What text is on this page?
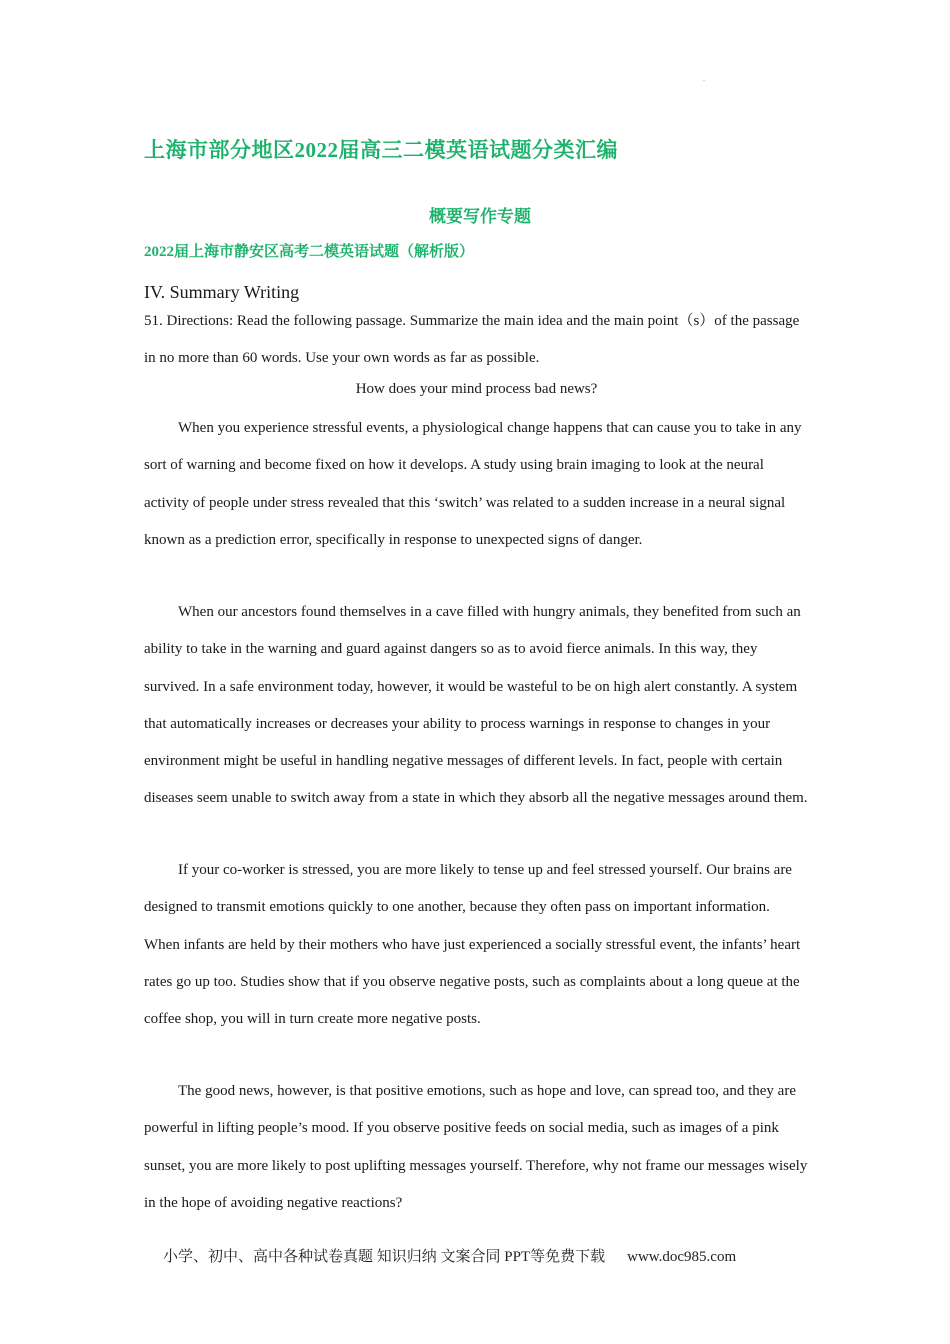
.
上海市部分地区2022届高三二模英语试题分类汇编
概要写作专题
2022届上海市静安区高考二模英语试题（解析版）
IV. Summary Writing
51. Directions: Read the following passage. Summarize the main idea and the main point（s）of the passage in no more than 60 words. Use your own words as far as possible.
How does your mind process bad news?

When you experience stressful events, a physiological change happens that can cause you to take in any sort of warning and become fixed on how it develops. A study using brain imaging to look at the neural activity of people under stress revealed that this ‘switch’ was related to a sudden increase in a neural signal known as a prediction error, specifically in response to unexpected signs of danger.

When our ancestors found themselves in a cave filled with hungry animals, they benefited from such an ability to take in the warning and guard against dangers so as to avoid fierce animals. In this way, they survived. In a safe environment today, however, it would be wasteful to be on high alert constantly. A system that automatically increases or decreases your ability to process warnings in response to changes in your environment might be useful in handling negative messages of different levels. In fact, people with certain diseases seem unable to switch away from a state in which they absorb all the negative messages around them.

If your co-worker is stressed, you are more likely to tense up and feel stressed yourself. Our brains are designed to transmit emotions quickly to one another, because they often pass on important information. When infants are held by their mothers who have just experienced a socially stressful event, the infants’ heart rates go up too. Studies show that if you observe negative posts, such as complaints about a long queue at the coffee shop, you will in turn create more negative posts.

The good news, however, is that positive emotions, such as hope and love, can spread too, and they are powerful in lifting people’s mood. If you observe positive feeds on social media, such as images of a pink sunset, you are more likely to post uplifting messages yourself. Therefore, why not frame our messages wisely in the hope of avoiding negative reactions?

小学、初中、高中各种试卷真题 知识归纳 文案合同 PPT等免费下载 www.doc985.com
